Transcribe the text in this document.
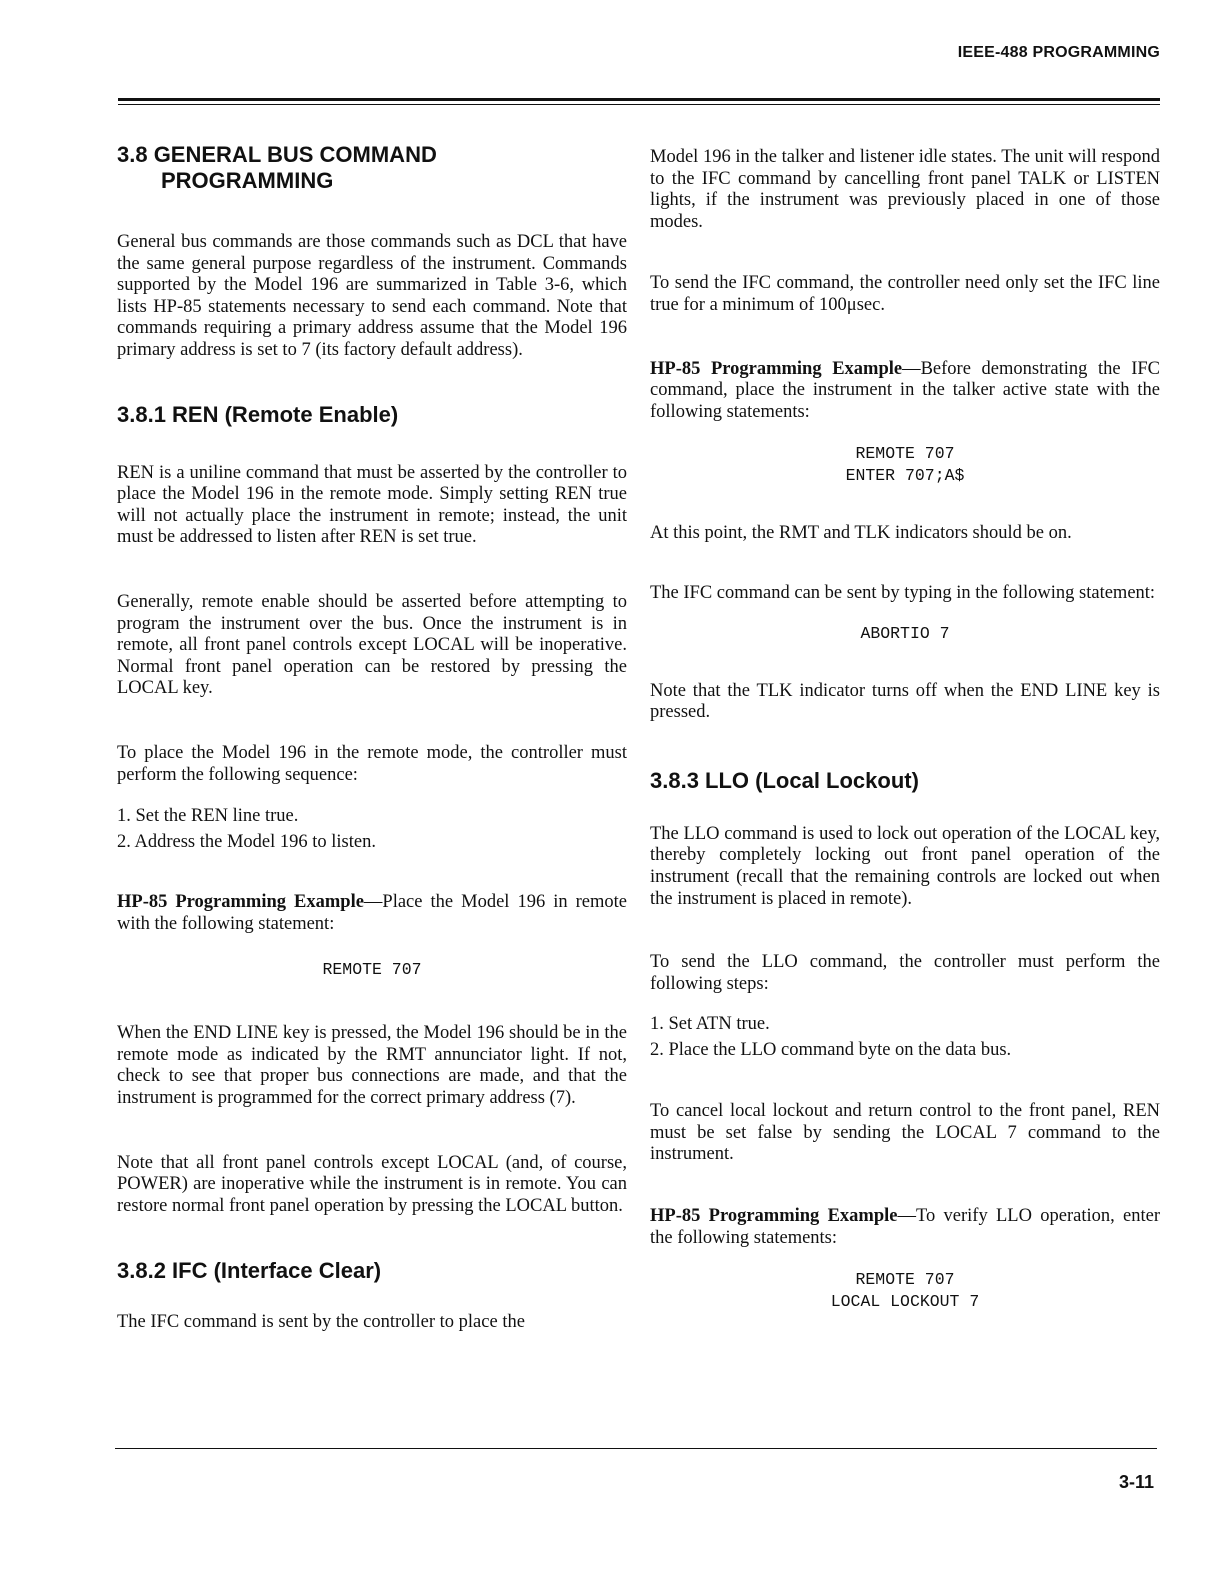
IEEE-488 PROGRAMMING
3.8 GENERAL BUS COMMAND
PROGRAMMING

General bus commands are those commands such as DCL that have the same general purpose regardless of the instrument. Commands supported by the Model 196 are summarized in Table 3-6, which lists HP-85 statements necessary to send each command. Note that commands requiring a primary address assume that the Model 196 primary address is set to 7 (its factory default address).

3.8.1 REN (Remote Enable)

REN is a uniline command that must be asserted by the controller to place the Model 196 in the remote mode. Simply setting REN true will not actually place the instrument in remote; instead, the unit must be addressed to listen after REN is set true.

Generally, remote enable should be asserted before attempting to program the instrument over the bus. Once the instrument is in remote, all front panel controls except LOCAL will be inoperative. Normal front panel operation can be restored by pressing the LOCAL key.

To place the Model 196 in the remote mode, the controller must perform the following sequence:

1. Set the REN line true.
2. Address the Model 196 to listen.

HP-85 Programming Example—Place the Model 196 in remote with the following statement:

REMOTE 707

When the END LINE key is pressed, the Model 196 should be in the remote mode as indicated by the RMT annunciator light. If not, check to see that proper bus connections are made, and that the instrument is programmed for the correct primary address (7).

Note that all front panel controls except LOCAL (and, of course, POWER) are inoperative while the instrument is in remote. You can restore normal front panel operation by pressing the LOCAL button.

3.8.2 IFC (Interface Clear)

The IFC command is sent by the controller to place the

Model 196 in the talker and listener idle states. The unit will respond to the IFC command by cancelling front panel TALK or LISTEN lights, if the instrument was previously placed in one of those modes.

To send the IFC command, the controller need only set the IFC line true for a minimum of 100μsec.

HP-85 Programming Example—Before demonstrating the IFC command, place the instrument in the talker active state with the following statements:

REMOTE 707
ENTER 707;A$

At this point, the RMT and TLK indicators should be on.

The IFC command can be sent by typing in the following statement:

ABORTIO 7

Note that the TLK indicator turns off when the END LINE key is pressed.

3.8.3 LLO (Local Lockout)

The LLO command is used to lock out operation of the LOCAL key, thereby completely locking out front panel operation of the instrument (recall that the remaining controls are locked out when the instrument is placed in remote).

To send the LLO command, the controller must perform the following steps:

1. Set ATN true.
2. Place the LLO command byte on the data bus.

To cancel local lockout and return control to the front panel, REN must be set false by sending the LOCAL 7 command to the instrument.

HP-85 Programming Example—To verify LLO operation, enter the following statements:

REMOTE 707
LOCAL LOCKOUT 7
3-11
